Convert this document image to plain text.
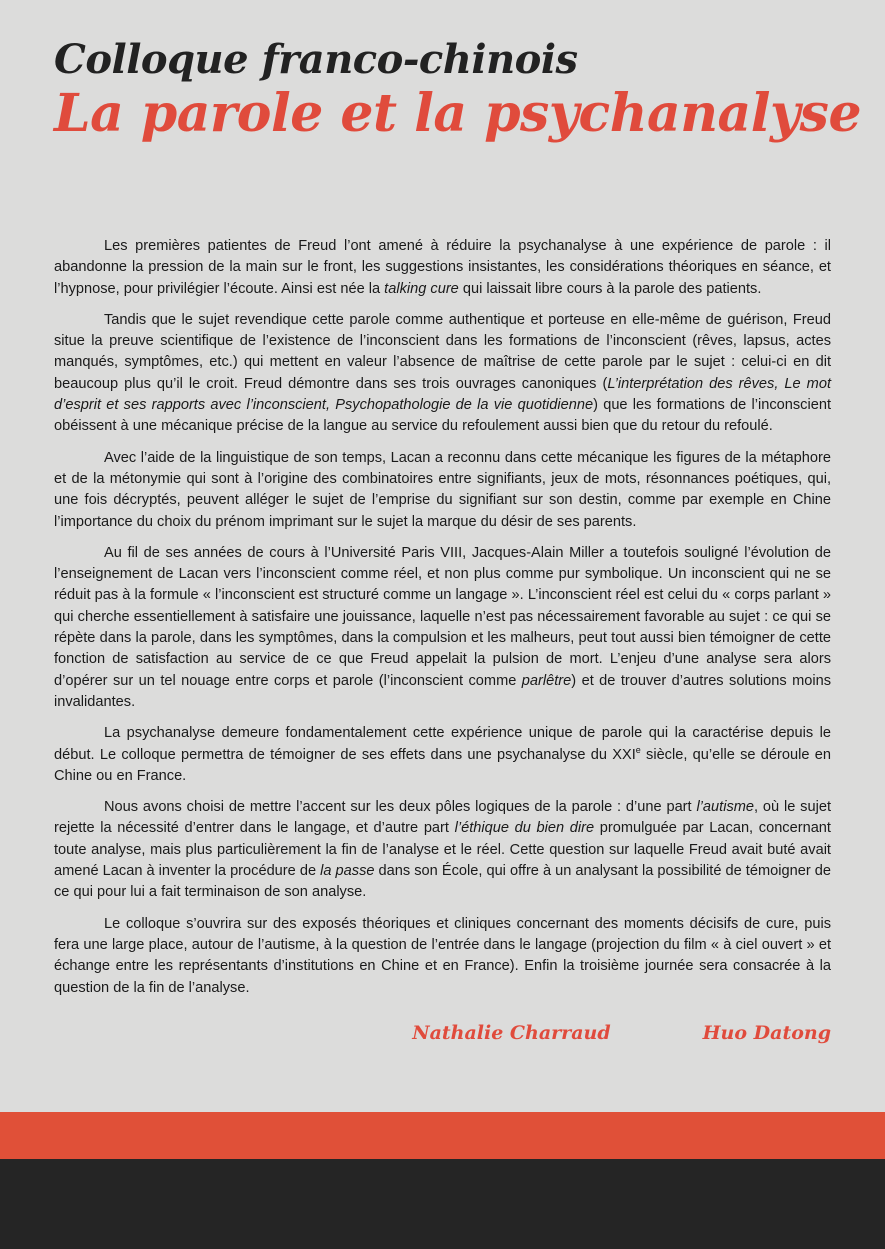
Colloque franco-chinois
La parole et la psychanalyse

Les premières patientes de Freud l’ont amené à réduire la psychanalyse à une expérience de parole : il abandonne la pression de la main sur le front, les suggestions insistantes, les considérations théoriques en séance, et l’hypnose, pour privilégier l’écoute. Ainsi est née la talking cure qui laissait libre cours à la parole des patients.

Tandis que le sujet revendique cette parole comme authentique et porteuse en elle-même de guérison, Freud situe la preuve scientifique de l’existence de l’inconscient dans les formations de l’inconscient (rêves, lapsus, actes manqués, symptômes, etc.) qui mettent en valeur l’absence de maîtrise de cette parole par le sujet : celui-ci en dit beaucoup plus qu’il le croit. Freud démontre dans ses trois ouvrages canoniques (L’interprétation des rêves, Le mot d’esprit et ses rapports avec l’inconscient, Psychopathologie de la vie quotidienne) que les formations de l’inconscient obéissent à une mécanique précise de la langue au service du refoulement aussi bien que du retour du refoulé.

Avec l’aide de la linguistique de son temps, Lacan a reconnu dans cette mécanique les figures de la métaphore et de la métonymie qui sont à l’origine des combinatoires entre signifiants, jeux de mots, résonnances poétiques, qui, une fois décryptés, peuvent alléger le sujet de l’emprise du signifiant sur son destin, comme par exemple en Chine l’importance du choix du prénom imprimant sur le sujet la marque du désir de ses parents.

Au fil de ses années de cours à l’Université Paris VIII, Jacques-Alain Miller a toutefois souligné l’évolution de l’enseignement de Lacan vers l’inconscient comme réel, et non plus comme pur symbolique. Un inconscient qui ne se réduit pas à la formule « l’inconscient est structuré comme un langage ». L’inconscient réel est celui du « corps parlant » qui cherche essentiellement à satisfaire une jouissance, laquelle n’est pas nécessairement favorable au sujet : ce qui se répète dans la parole, dans les symptômes, dans la compulsion et les malheurs, peut tout aussi bien témoigner de cette fonction de satisfaction au service de ce que Freud appelait la pulsion de mort. L’enjeu d’une analyse sera alors d’opérer sur un tel nouage entre corps et parole (l’inconscient comme parlêtre) et de trouver d’autres solutions moins invalidantes.

La psychanalyse demeure fondamentalement cette expérience unique de parole qui la caractérise depuis le début. Le colloque permettra de témoigner de ses effets dans une psychanalyse du XXIe siècle, qu’elle se déroule en Chine ou en France.

Nous avons choisi de mettre l’accent sur les deux pôles logiques de la parole : d’une part l’autisme, où le sujet rejette la nécessité d’entrer dans le langage, et d’autre part l’éthique du bien dire promulguée par Lacan, concernant toute analyse, mais plus particulièrement la fin de l’analyse et le réel. Cette question sur laquelle Freud avait buté avait amené Lacan à inventer la procédure de la passe dans son École, qui offre à un analysant la possibilité de témoigner de ce qui pour lui a fait terminaison de son analyse.

Le colloque s’ouvrira sur des exposés théoriques et cliniques concernant des moments décisifs de cure, puis fera une large place, autour de l’autisme, à la question de l’entrée dans le langage (projection du film « à ciel ouvert » et échange entre les représentants d’institutions en Chine et en France). Enfin la troisième journée sera consacrée à la question de la fin de l’analyse.

Nathalie Charraud	Huo Datong
